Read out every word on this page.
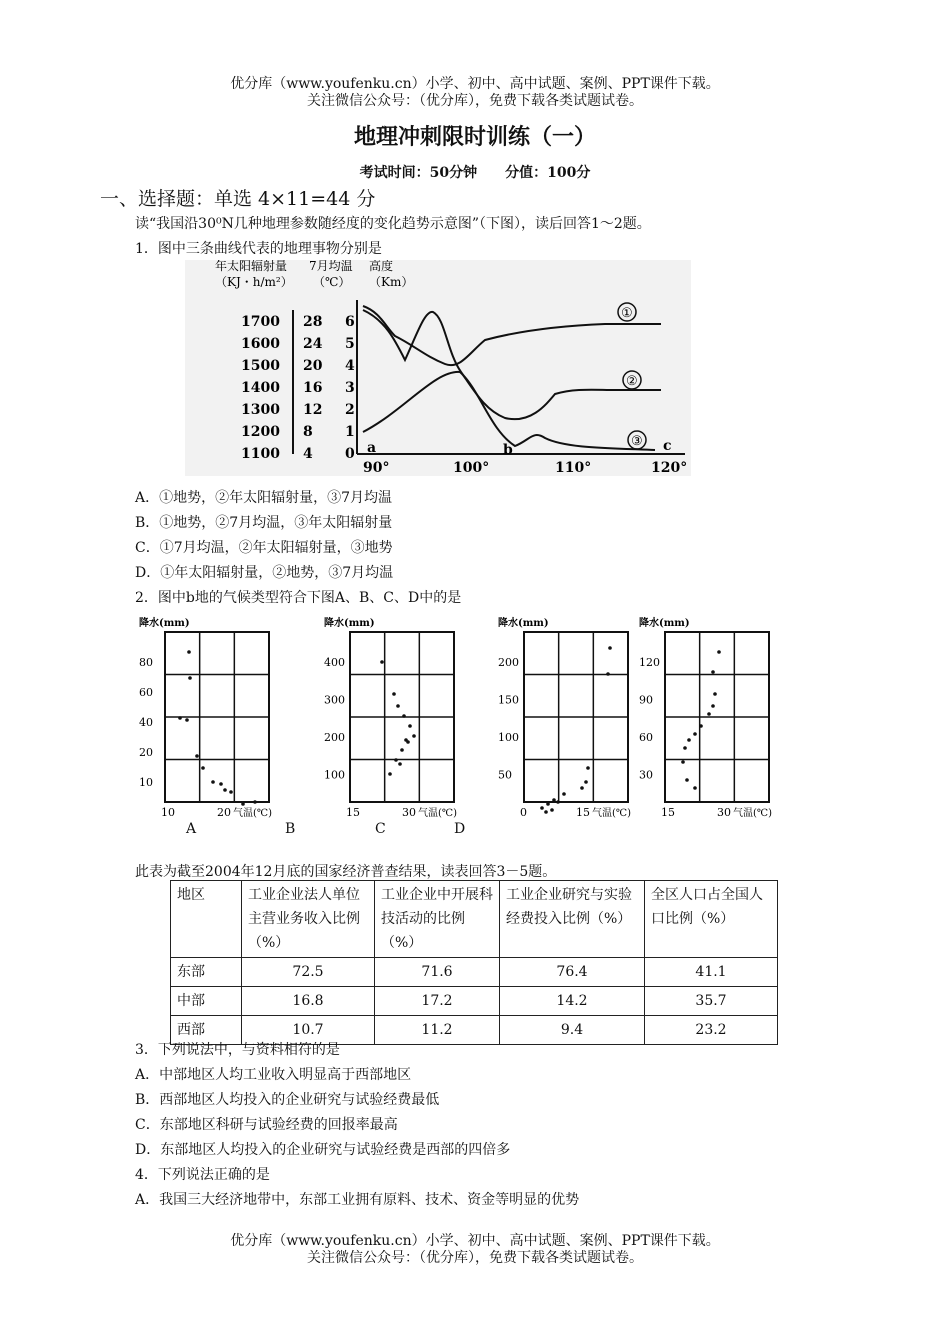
优分库（www.youfenku.cn）小学、初中、高中试题、案例、PPT课件下载。
关注微信公众号：（优分库），免费下载各类试题试卷。
地理冲刺限时训练（一）
考试时间：50分钟　　分值：100分
一、选择题：单选 4×11=44 分
读“我国沿30⁰N几种地理参数随经度的变化趋势示意图”（下图），读后回答1～2题。
1．图中三条曲线代表的地理事物分别是
年太阳辐射量 7月均温 高度
（KJ・h/m²） （℃） （Km）
1700
1600
1500
1400
1300
1200
1100
28
24
20
16
12
8
4
6
5
4
3
2
1
0
90°	100°	110°	120°
①
②
③
a	b	c
A．①地势，②年太阳辐射量，③7月均温
B．①地势，②7月均温，③年太阳辐射量
C．①7月均温，②年太阳辐射量，③地势
D．①年太阳辐射量，②地势，③7月均温
2．图中b地的气候类型符合下图A、B、C、D中的是
降水(mm)
80
60
40
20
10
10	20 气温(℃)
降水(mm)
400
300
200
100
15	30 气温(℃)
降水(mm)
200
150
100
50
0	15 气温(℃)
降水(mm)
120
90
60
30
15	30 气温(℃)
A	B	C	D
此表为截至2004年12月底的国家经济普查结果，读表回答3－5题。
地区	工业企业法人单位主营业务收入比例（%）	工业企业中开展科技活动的比例（%）	工业企业研究与实验经费投入比例（%）	全区人口占全国人口比例（%）
东部	72.5	71.6	76.4	41.1
中部	16.8	17.2	14.2	35.7
西部	10.7	11.2	9.4	23.2
3．下列说法中，与资料相符的是
A．中部地区人均工业收入明显高于西部地区
B．西部地区人均投入的企业研究与试验经费最低
C．东部地区科研与试验经费的回报率最高
D．东部地区人均投入的企业研究与试验经费是西部的四倍多
4．下列说法正确的是
A．我国三大经济地带中，东部工业拥有原料、技术、资金等明显的优势
优分库（www.youfenku.cn）小学、初中、高中试题、案例、PPT课件下载。
关注微信公众号：（优分库），免费下载各类试题试卷。
